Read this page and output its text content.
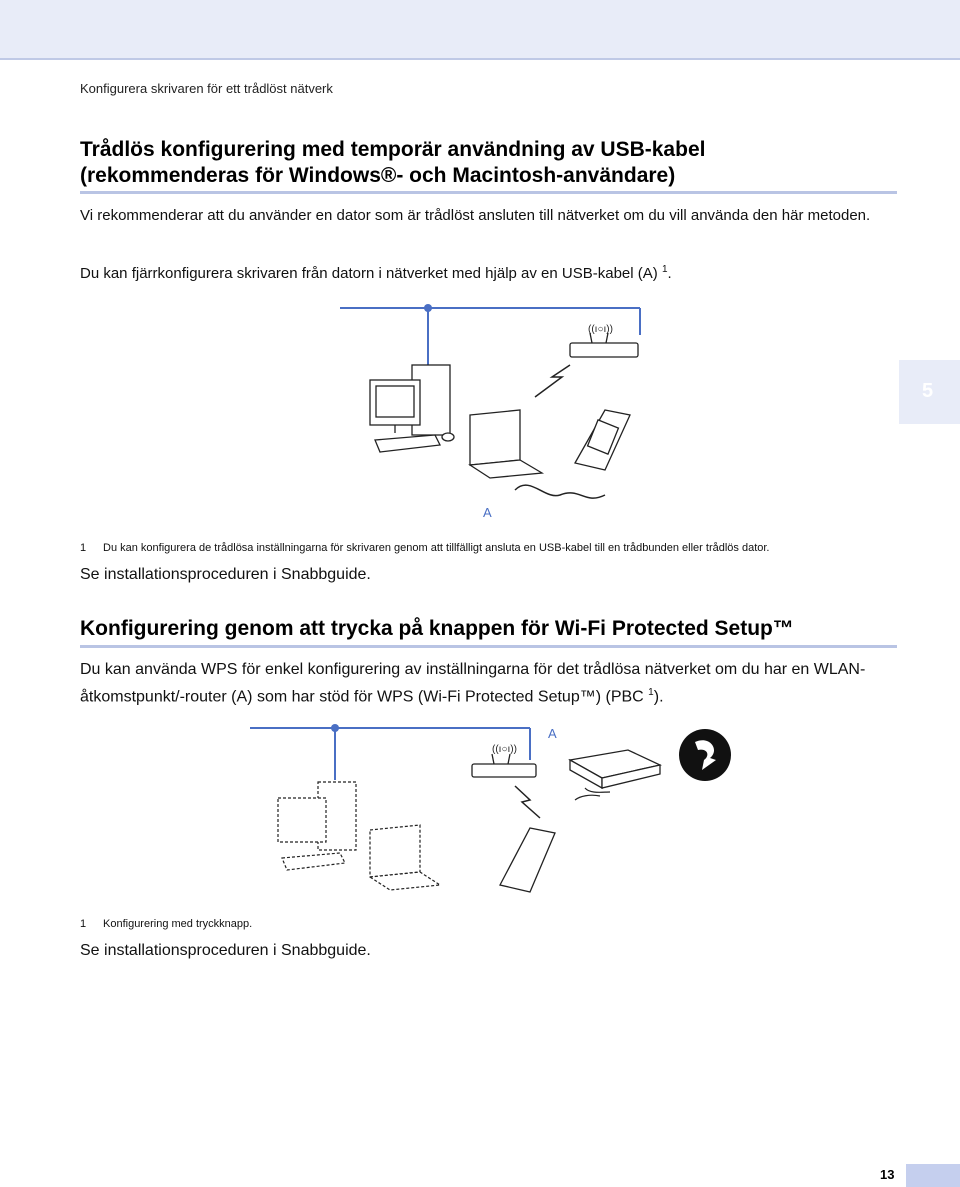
Konfigurera skrivaren för ett trådlöst nätverk
Trådlös konfigurering med temporär användning av USB-kabel
(rekommenderas för Windows®- och Macintosh-användare)

Vi rekommenderar att du använder en dator som är trådlöst ansluten till nätverket om du vill använda den här metoden.

Du kan fjärrkonfigurera skrivaren från datorn i nätverket med hjälp av en USB-kabel (A) $^1$.

((ı○ı))
A
5
1 Du kan konfigurera de trådlösa inställningarna för skrivaren genom att tillfälligt ansluta en USB-kabel till en trådbunden eller trådlös dator.
Se installationsproceduren i Snabbguide.
Konfigurering genom att trycka på knappen för Wi-Fi Protected Setup™

Du kan använda WPS för enkel konfigurering av inställningarna för det trådlösa nätverket om du har en WLAN-åtkomstpunkt/-router (A) som har stöd för WPS (Wi-Fi Protected Setup™) (PBC $^1$).

((ı○ı))
A
1 Konfigurering med tryckknapp.
Se installationsproceduren i Snabbguide.
13
